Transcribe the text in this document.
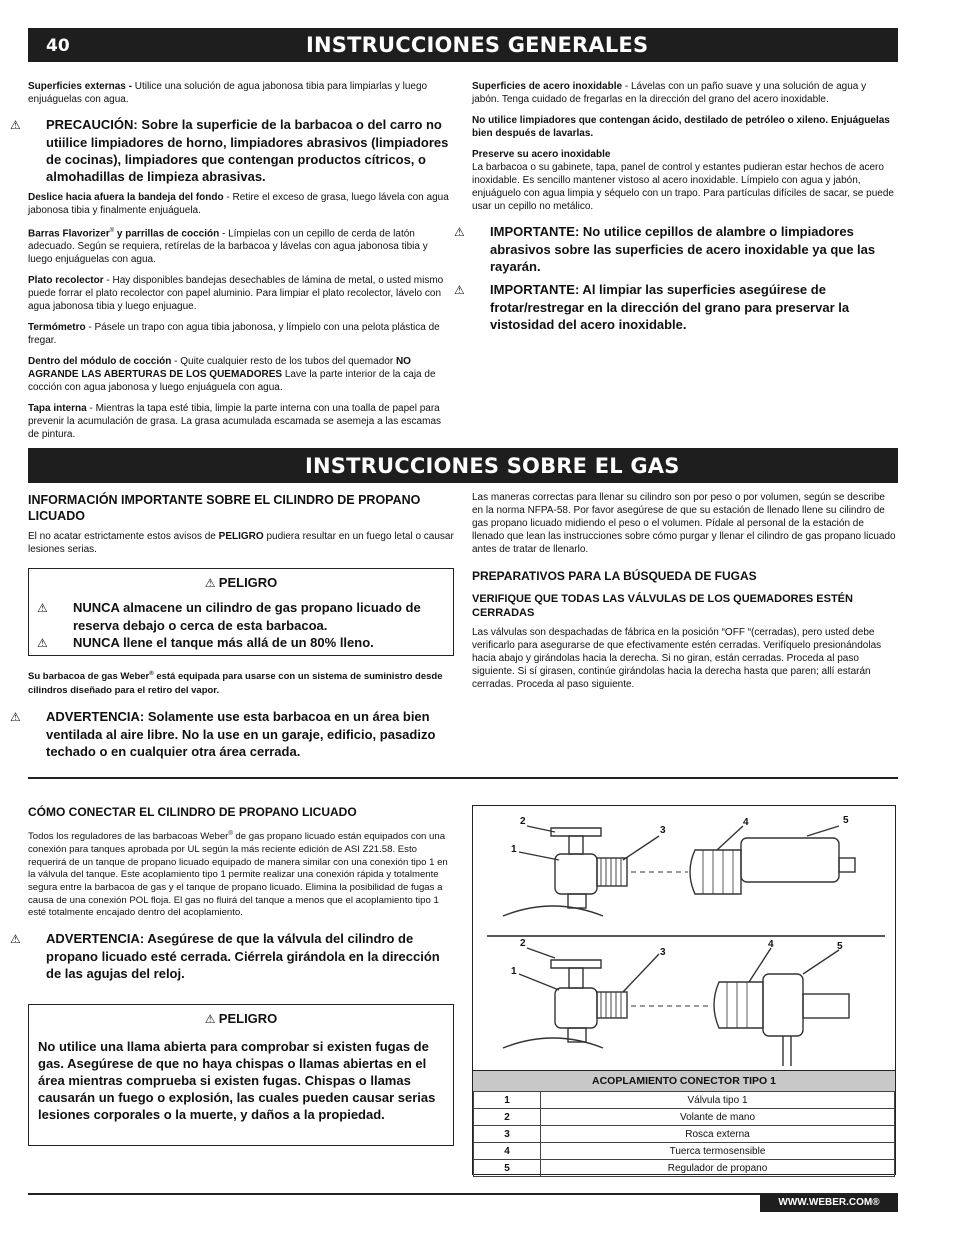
40	INSTRUCCIONES GENERALES

Superficies externas - Utilice una solución de agua jabonosa tibia para limpiarlas y luego enjuáguelas con agua.

⚠ PRECAUCIÓN: Sobre la superficie de la barbacoa o del carro no utiilice limpiadores de horno, limpiadores abrasivos (limpiadores de cocinas), limpiadores que contengan productos cítricos, o almohadillas de limpieza abrasivas.

Deslice hacia afuera la bandeja del fondo - Retire el exceso de grasa, luego lávela con agua jabonosa tibia y finalmente enjuáguela.

Barras Flavorizer® y parrillas de cocción - Límpielas con un cepillo de cerda de latón adecuado. Según se requiera, retírelas de la barbacoa y lávelas con agua jabonosa tibia y luego enjuáguelas con agua.

Plato recolector - Hay disponibles bandejas desechables de lámina de metal, o usted mismo puede forrar el plato recolector con papel aluminio. Para limpiar el plato recolector, lávelo con agua jabonosa tibia y luego enjuague.

Termómetro - Pásele un trapo con agua tibia jabonosa, y límpielo con una pelota plástica de fregar.

Dentro del módulo de cocción - Quite cualquier resto de los tubos del quemador NO AGRANDE LAS ABERTURAS DE LOS QUEMADORES Lave la parte interior de la caja de cocción con agua jabonosa y luego enjuáguela con agua.

Tapa interna - Mientras la tapa esté tibia, limpie la parte interna con una toalla de papel para prevenir la acumulación de grasa. La grasa acumulada escamada se asemeja a las escamas de pintura.

Superficies de acero inoxidable - Lávelas con un paño suave y una solución de agua y jabón. Tenga cuidado de fregarlas en la dirección del grano del acero inoxidable.

No utilice limpiadores que contengan ácido, destilado de petróleo o xileno. Enjuáguelas bien después de lavarlas.

Preserve su acero inoxidable

La barbacoa o su gabinete, tapa, panel de control y estantes pudieran estar hechos de acero inoxidable. Es sencillo mantener vistoso al acero inoxidable. Límpielo con agua y jabón, enjuáguelo con agua limpia y séquelo con un trapo. Para partículas difíciles de sacar, se puede usar un cepillo no metálico.

⚠ IMPORTANTE: No utilice cepillos de alambre o limpiadores abrasivos sobre las superficies de acero inoxidable ya que las rayarán.

⚠ IMPORTANTE: Al limpiar las superficies asegúirese de frotar/restregar en la dirección del grano para preservar la vistosidad del acero inoxidable.

INSTRUCCIONES SOBRE EL GAS

INFORMACIÓN IMPORTANTE SOBRE EL CILINDRO DE PROPANO LICUADO

El no acatar estrictamente estos avisos de PELIGRO pudiera resultar en un fuego letal o causar lesiones serias.

⚠ PELIGRO

⚠ NUNCA almacene un cilindro de gas propano licuado de reserva debajo o cerca de esta barbacoa.

⚠ NUNCA llene el tanque más allá de un 80% lleno.

Su barbacoa de gas Weber® está equipada para usarse con un sistema de suministro desde cilindros diseñado para el retiro del vapor.

⚠ ADVERTENCIA: Solamente use esta barbacoa en un área bien ventilada al aire libre. No la use en un garaje, edificio, pasadizo techado o en cualquier otra área cerrada.

Las maneras correctas para llenar su cilindro son por peso o por volumen, según se describe en la norma NFPA-58. Por favor asegúrese de que su estación de llenado llene su cilindro de gas propano licuado midiendo el peso o el volumen. Pídale al personal de la estación de llenado que lean las instrucciones sobre cómo purgar y llenar el cilindro de gas propano licuado antes de tratar de llenarlo.

PREPARATIVOS PARA LA BÚSQUEDA DE FUGAS

VERIFIQUE QUE TODAS LAS VÁLVULAS DE LOS QUEMADORES ESTÉN CERRADAS

Las válvulas son despachadas de fábrica en la posición “OFF “(cerradas), pero usted debe verificarlo para asegurarse de que efectivamente estén cerradas. Verifíquelo presionándolas hacia abajo y girándolas hacia la derecha. Si no giran, están cerradas. Proceda al paso siguiente. Si sí girasen, continúe girándolas hacia la derecha hasta que paren; allí estarán cerradas. Proceda al paso siguiente.

CÓMO CONECTAR EL CILINDRO DE PROPANO LICUADO

Todos los reguladores de las barbacoas Weber® de gas propano licuado están equipados con una conexión para tanques aprobada por UL según la más reciente edición de ASI Z21.58. Esto requerirá de un tanque de propano licuado equipado de manera similar con una conexión tipo 1 en la válvula del tanque. Este acoplamiento tipo 1 permite realizar una conexión rápida y totalmente segura entre la barbacoa de gas y el tanque de propano licuado. Elimina la posibilidad de fugas a causa de una conexión POL floja. El gas no fluirá del tanque a menos que el acoplamiento tipo 1 esté totalmente encajado dentro del acoplamiento.

⚠ ADVERTENCIA: Asegúrese de que la válvula del cilindro de propano licuado esté cerrada. Ciérrela girándola en la dirección de las agujas del reloj.

⚠ PELIGRO

No utilice una llama abierta para comprobar si existen fugas de gas. Asegúrese de que no haya chispas o llamas abiertas en el área mientras comprueba si existen fugas. Chispas o llamas causarán un fuego o explosión, las cuales pueden causar serias lesiones corporales o la muerte, y daños a la propiedad.

2
1
3
4	5
2
1
3
4	5
ACOPLAMIENTO CONECTOR TIPO 1
1	Válvula tipo 1
2	Volante de mano
3	Rosca externa
4	Tuerca termosensible
5	Regulador de propano
WWW.WEBER.COM®
